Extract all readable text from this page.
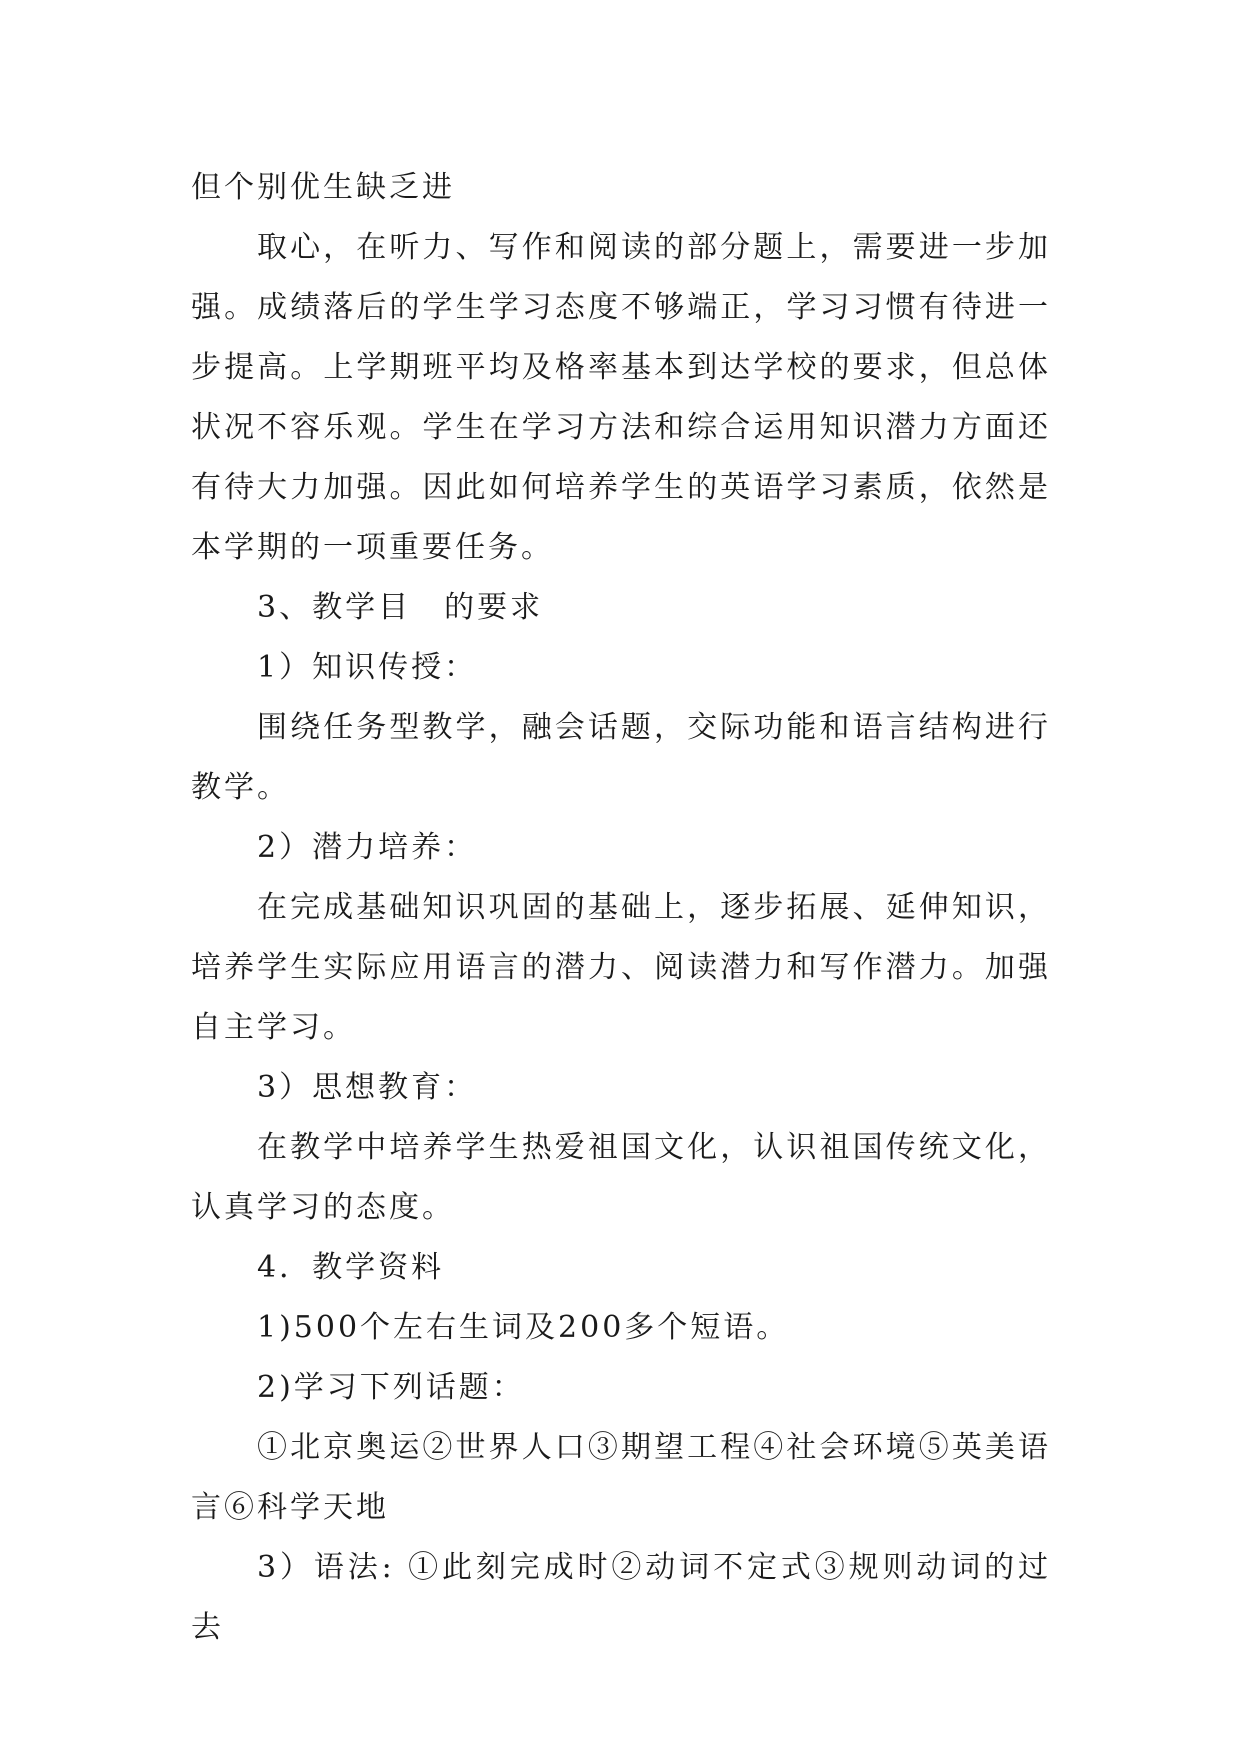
但个别优生缺乏进

取心，在听力、写作和阅读的部分题上，需要进一步加强。成绩落后的学生学习态度不够端正，学习习惯有待进一步提高。上学期班平均及格率基本到达学校的要求，但总体状况不容乐观。学生在学习方法和综合运用知识潜力方面还有待大力加强。因此如何培养学生的英语学习素质，依然是本学期的一项重要任务。

3、教学目　的要求

1）知识传授：

围绕任务型教学，融会话题，交际功能和语言结构进行教学。

2）潜力培养：

在完成基础知识巩固的基础上，逐步拓展、延伸知识，培养学生实际应用语言的潜力、阅读潜力和写作潜力。加强自主学习。

3）思想教育：

在教学中培养学生热爱祖国文化，认识祖国传统文化，认真学习的态度。

4．教学资料

1)500个左右生词及200多个短语。

2)学习下列话题：

①北京奥运②世界人口③期望工程④社会环境⑤英美语言⑥科学天地

3）语法: ①此刻完成时②动词不定式③规则动词的过去
